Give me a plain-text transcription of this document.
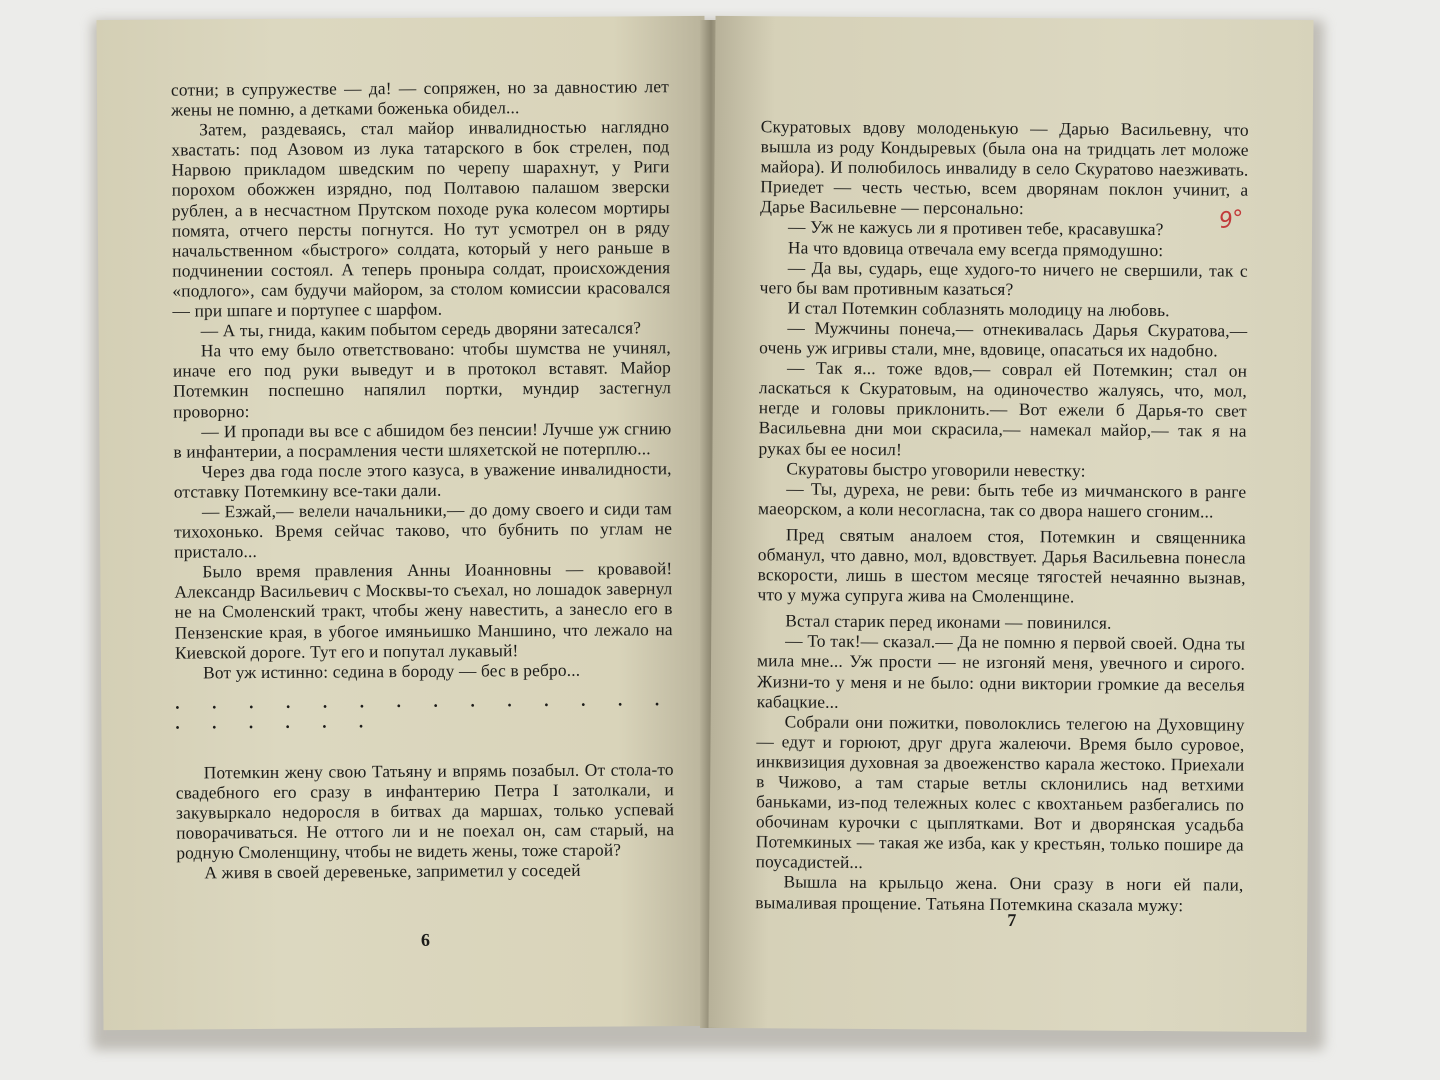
сотни; в супружестве — да! — сопряжен, но за давностию лет жены не помню, а детками боженька обидел...

Затем, раздеваясь, стал майор инвалидностью наглядно хвастать: под Азовом из лука татарского в бок стрелен, под Нарвою прикладом шведским по черепу шарахнут, у Риги порохом обожжен изрядно, под Полтавою палашом зверски рублен, а в несчастном Прутском походе рука колесом мортиры помята, отчего персты погнутся. Но тут усмотрел он в ряду начальственном «быстрого» солдата, который у него раньше в подчинении состоял. А теперь проныра солдат, происхождения «подлого», сам будучи майором, за столом комиссии красовался — при шпаге и портупее с шарфом.

— А ты, гнида, каким побытом середь дворяни затесался?

На что ему было ответствовано: чтобы шумства не учинял, иначе его под руки выведут и в протокол вставят. Майор Потемкин поспешно напялил портки, мундир застегнул проворно:

— И пропади вы все с абшидом без пенсии! Лучше уж сгнию в инфантерии, а посрамления чести шляхетской не потерплю...

Через два года после этого казуса, в уважение инвалидности, отставку Потемкину все-таки дали.

— Езжай,— велели начальники,— до дому своего и сиди там тихохонько. Время сейчас таково, что бубнить по углам не пристало...

Было время правления Анны Иоанновны — кровавой! Александр Васильевич с Москвы-то съехал, но лошадок завернул не на Смоленский тракт, чтобы жену навестить, а занесло его в Пензенские края, в убогое имяньишко Маншино, что лежало на Киевской дороге. Тут его и попутал лукавый!

Вот уж истинно: седина в бороду — бес в ребро...

. . . . . . . . . . . . . . . . . . . .

Потемкин жену свою Татьяну и впрямь позабыл. От стола-то свадебного его сразу в инфантерию Петра I затолкали, и закувыркало недоросля в битвах да маршах, только успевай поворачиваться. Не оттого ли и не поехал он, сам старый, на родную Смоленщину, чтобы не видеть жены, тоже старой?

А живя в своей деревеньке, заприметил у соседей

6
9°

Скуратовых вдову молоденькую — Дарью Васильевну, что вышла из роду Кондыревых (была она на тридцать лет моложе майора). И полюбилось инвалиду в село Скуратово наезживать. Приедет — честь честью, всем дворянам поклон учинит, а Дарье Васильевне — персонально:

— Уж не кажусь ли я противен тебе, красавушка?

На что вдовица отвечала ему всегда прямодушно:

— Да вы, сударь, еще худого-то ничего не свершили, так с чего бы вам противным казаться?

И стал Потемкин соблазнять молодицу на любовь.

— Мужчины понеча,— отнекивалась Дарья Скуратова,— очень уж игривы стали, мне, вдовице, опасаться их надобно.

— Так я... тоже вдов,— соврал ей Потемкин; стал он ласкаться к Скуратовым, на одиночество жалуясь, что, мол, негде и головы приклонить.— Вот ежели б Дарья-то свет Васильевна дни мои скрасила,— намекал майор,— так я на руках бы ее носил!

Скуратовы быстро уговорили невестку:

— Ты, дуреха, не реви: быть тебе из мичманского в ранге маеорском, а коли несогласна, так со двора нашего сгоним...

Пред святым аналоем стоя, Потемкин и священника обманул, что давно, мол, вдовствует. Дарья Васильевна понесла вскорости, лишь в шестом месяце тягостей нечаянно вызнав, что у мужа супруга жива на Смоленщине.

Встал старик перед иконами — повинился.

— То так!— сказал.— Да не помню я первой своей. Одна ты мила мне... Уж прости — не изгоняй меня, увечного и сирого. Жизни-то у меня и не было: одни виктории громкие да веселья кабацкие...

Собрали они пожитки, поволоклись телегою на Духовщину — едут и горюют, друг друга жалеючи. Время было суровое, инквизиция духовная за двоеженство карала жестоко. Приехали в Чижово, а там старые ветлы склонились над ветхими баньками, из-под тележных колес с квохтаньем разбегались по обочинам курочки с цыплятками. Вот и дворянская усадьба Потемкиных — такая же изба, как у крестьян, только пошире да поусадистей...

Вышла на крыльцо жена. Они сразу в ноги ей пали, вымаливая прощение. Татьяна Потемкина сказала мужу:

7
